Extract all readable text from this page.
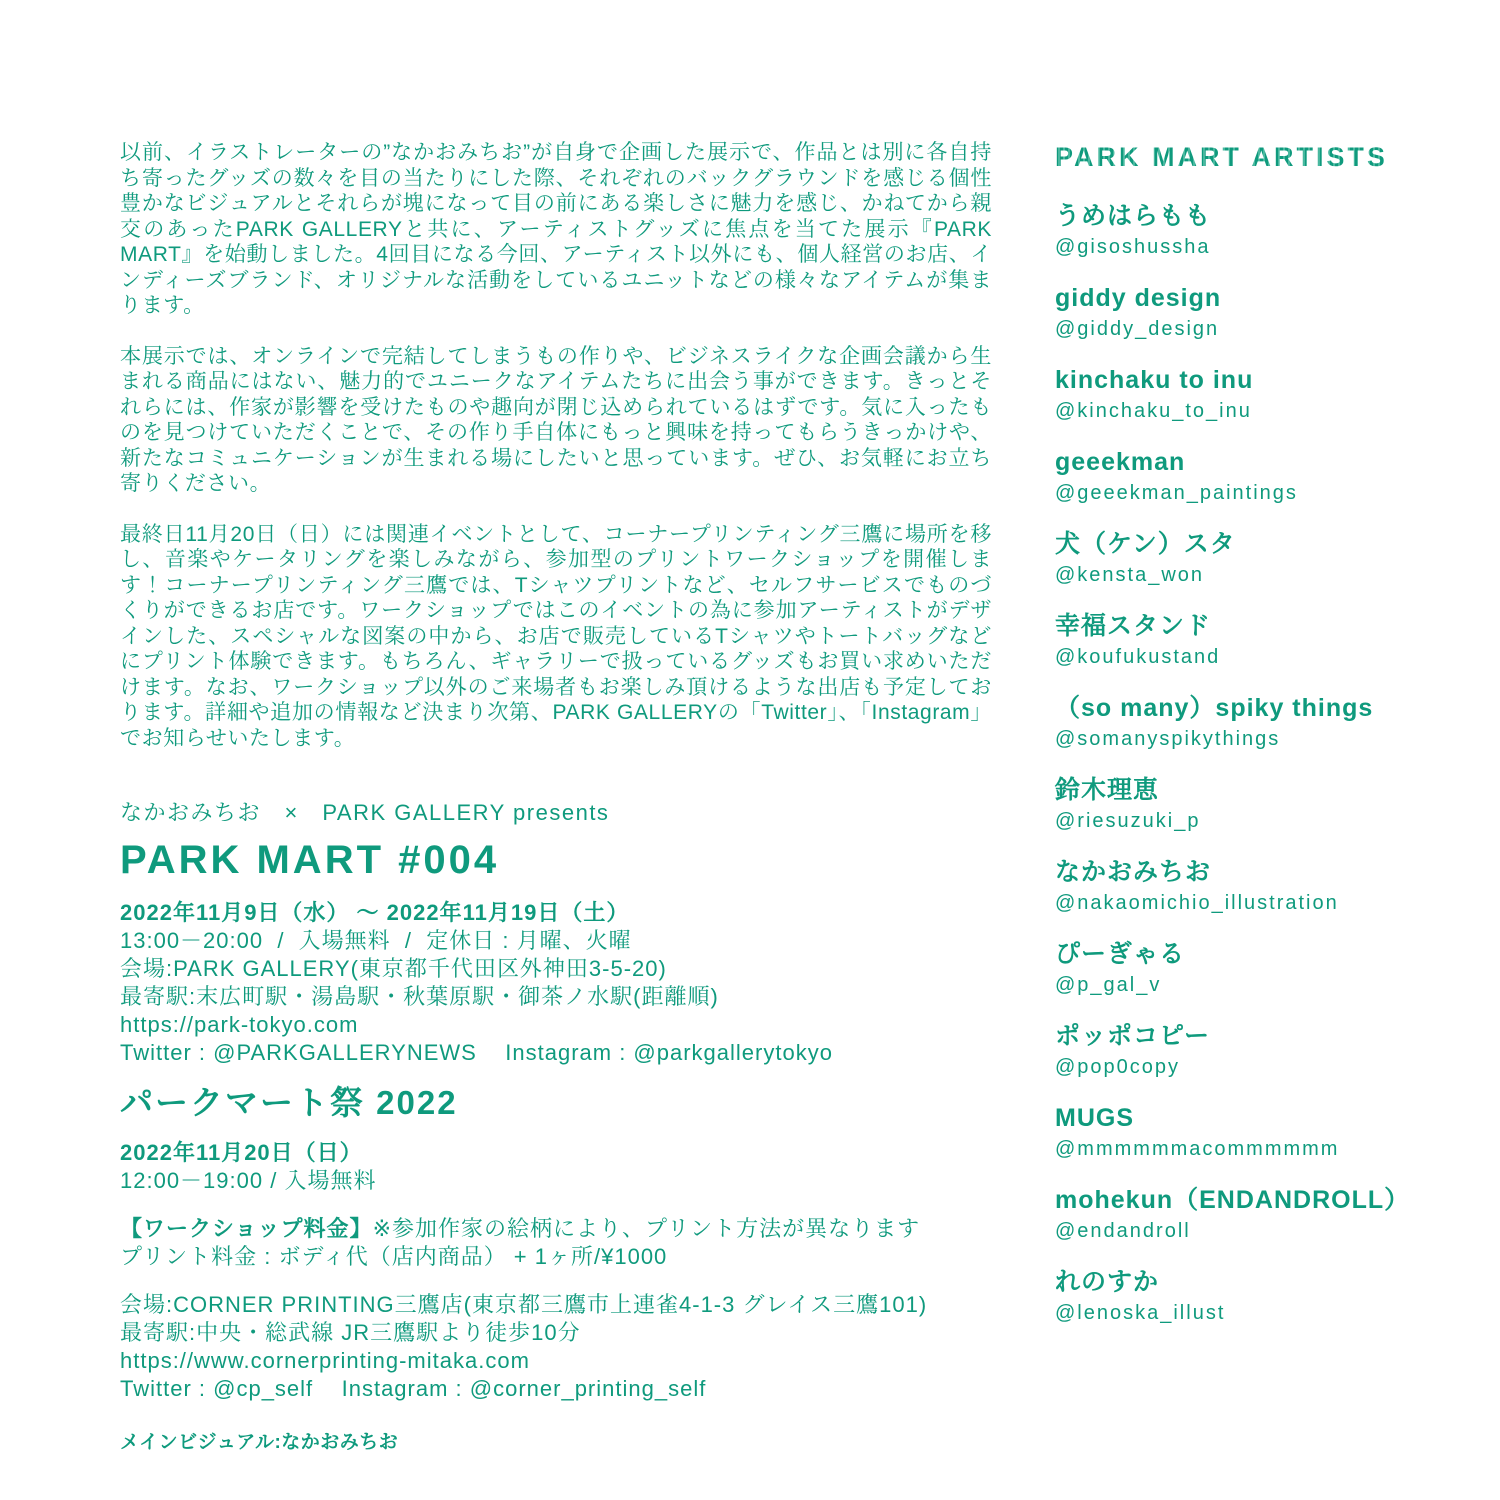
以前、イラストレーターの”なかおみちお”が自身で企画した展示で、作品とは別に各自持ち寄ったグッズの数々を目の当たりにした際、それぞれのバックグラウンドを感じる個性豊かなビジュアルとそれらが塊になって目の前にある楽しさに魅力を感じ、かねてから親交のあったPARK GALLERYと共に、アーティストグッズに焦点を当てた展示『PARK MART』を始動しました。4回目になる今回、アーティスト以外にも、個人経営のお店、インディーズブランド、オリジナルな活動をしているユニットなどの様々なアイテムが集まります。

本展示では、オンラインで完結してしまうもの作りや、ビジネスライクな企画会議から生まれる商品にはない、魅力的でユニークなアイテムたちに出会う事ができます。きっとそれらには、作家が影響を受けたものや趣向が閉じ込められているはずです。気に入ったものを見つけていただくことで、その作り手自体にもっと興味を持ってもらうきっかけや、新たなコミュニケーションが生まれる場にしたいと思っています。ぜひ、お気軽にお立ち寄りください。

最終日11月20日（日）には関連イベントとして、コーナープリンティング三鷹に場所を移し、音楽やケータリングを楽しみながら、参加型のプリントワークショップを開催します！コーナープリンティング三鷹では、Tシャツプリントなど、セルフサービスでものづくりができるお店です。ワークショップではこのイベントの為に参加アーティストがデザインした、スペシャルな図案の中から、お店で販売しているTシャツやトートバッグなどにプリント体験できます。もちろん、ギャラリーで扱っているグッズもお買い求めいただけます。なお、ワークショップ以外のご来場者もお楽しみ頂けるような出店も予定しております。詳細や追加の情報など決まり次第、PARK GALLERYの「Twitter」、「Instagram」でお知らせいたします。

なかおみちお　×　PARK GALLERY presents
PARK MART #004
2022年11月9日（水） ～ 2022年11月19日（土）
13:00－20:00  /  入場無料  /  定休日 : 月曜、火曜
会場:PARK GALLERY(東京都千代田区外神田3-5-20)
最寄駅:末広町駅・湯島駅・秋葉原駅・御茶ノ水駅(距離順)
https://park-tokyo.com
Twitter : @PARKGALLERYNEWS    Instagram : @parkgallerytokyo
パークマート祭 2022
2022年11月20日（日）
12:00－19:00 / 入場無料
【ワークショップ料金】※参加作家の絵柄により、プリント方法が異なります
プリント料金 : ボディ代（店内商品） + 1ヶ所/¥1000
会場:CORNER PRINTING三鷹店(東京都三鷹市上連雀4-1-3 グレイス三鷹101)
最寄駅:中央・総武線 JR三鷹駅より徒歩10分
https://www.cornerprinting-mitaka.com
Twitter : @cp_self    Instagram : @corner_printing_self
メインビジュアル:なかおみちお
PARK MART ARTISTS
うめはらもも
@gisoshussha
giddy design
@giddy_design
kinchaku to inu
@kinchaku_to_inu
geeekman
@geeekman_paintings
犬（ケン）スタ
@kensta_won
幸福スタンド
@koufukustand
（so many）spiky things
@somanyspikythings
鈴木理恵
@riesuzuki_p
なかおみちお
@nakaomichio_illustration
ぴーぎゃる
@p_gal_v
ポッポコピー
@pop0copy
MUGS
@mmmmmmacommmmmm
mohekun（ENDANDROLL）
@endandroll
れのすか
@lenoska_illust
